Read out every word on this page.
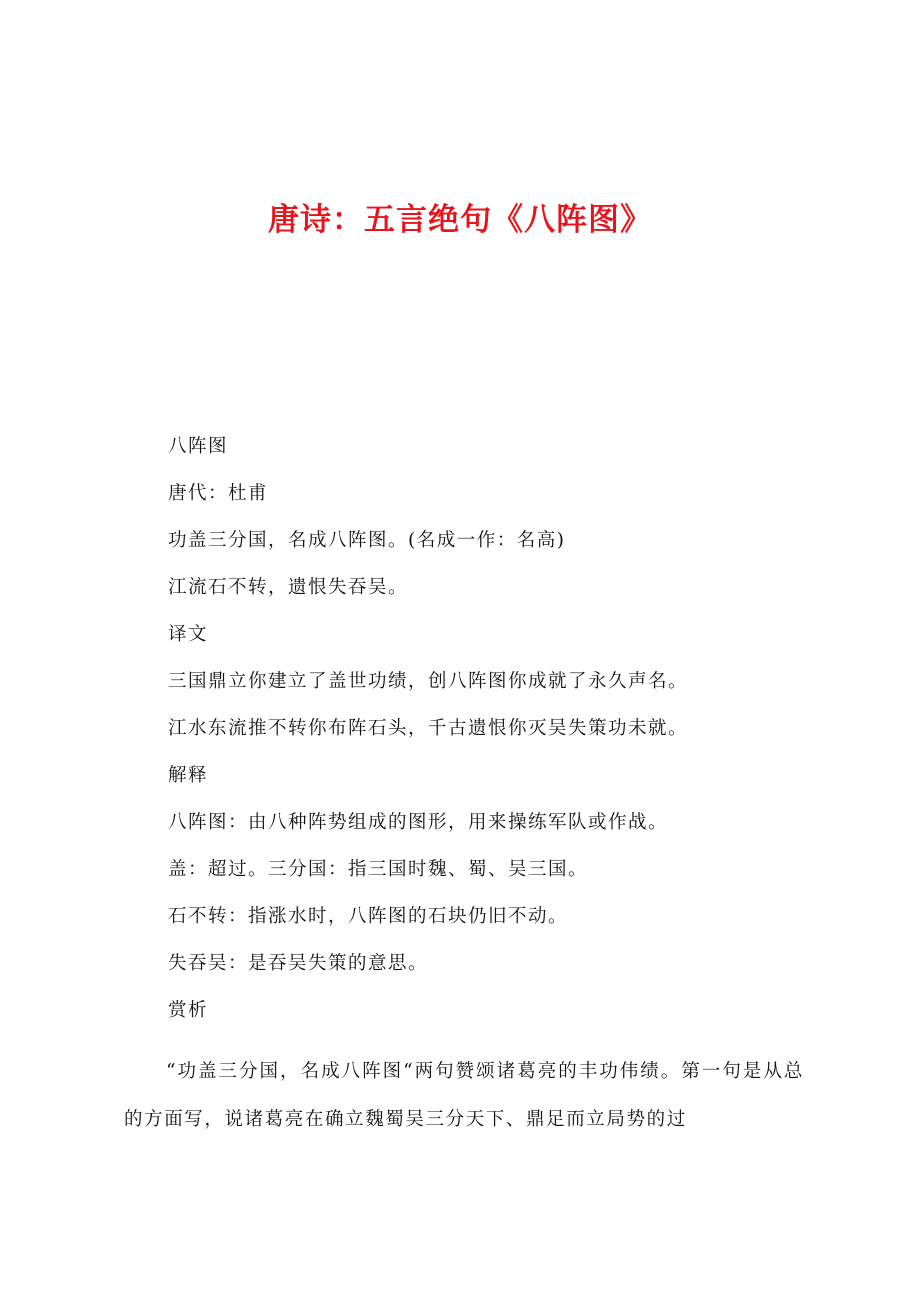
唐诗：五言绝句《八阵图》

八阵图

唐代：杜甫

功盖三分国，名成八阵图。(名成一作：名高)

江流石不转，遗恨失吞吴。

译文

三国鼎立你建立了盖世功绩，创八阵图你成就了永久声名。

江水东流推不转你布阵石头，千古遗恨你灭吴失策功未就。

解释

八阵图：由八种阵势组成的图形，用来操练军队或作战。

盖：超过。三分国：指三国时魏、蜀、吴三国。

石不转：指涨水时，八阵图的石块仍旧不动。

失吞吴：是吞吴失策的意思。

赏析

“功盖三分国，名成八阵图“两句赞颂诸葛亮的丰功伟绩。第一句是从总的方面写，说诸葛亮在确立魏蜀吴三分天下、鼎足而立局势的过
